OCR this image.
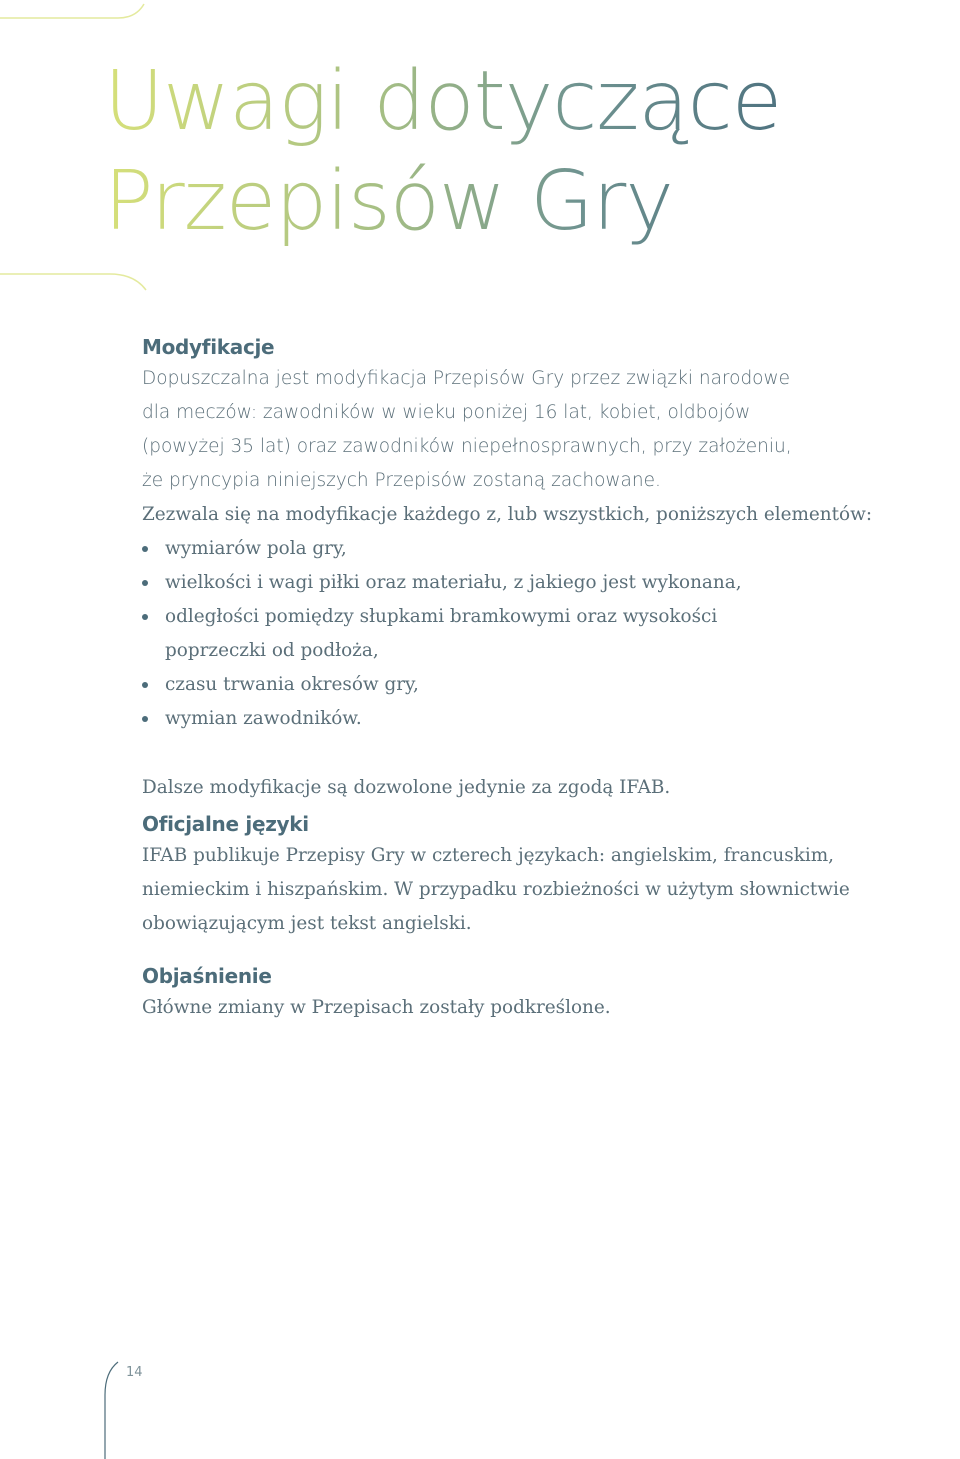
Uwagi dotyczące
Przepisów Gry
Modyfikacje

Dopuszczalna jest modyfikacja Przepisów Gry przez związki narodowe

dla meczów: zawodników w wieku poniżej 16 lat, kobiet, oldbojów

(powyżej 35 lat) oraz zawodników niepełnosprawnych, przy założeniu,

że pryncypia niniejszych Przepisów zostaną zachowane.

Zezwala się na modyfikacje każdego z, lub wszystkich, poniższych elementów:

wymiarów pola gry,
wielkości i wagi piłki oraz materiału, z jakiego jest wykonana,
odległości pomiędzy słupkami bramkowymi oraz wysokości poprzeczki od podłoża,
czasu trwania okresów gry,
wymian zawodników.

Dalsze modyfikacje są dozwolone jedynie za zgodą IFAB.

Oficjalne języki

IFAB publikuje Przepisy Gry w czterech językach: angielskim, francuskim,

niemieckim i hiszpańskim. W przypadku rozbieżności w użytym słownictwie

obowiązującym jest tekst angielski.

Objaśnienie

Główne zmiany w Przepisach zostały podkreślone.

14
